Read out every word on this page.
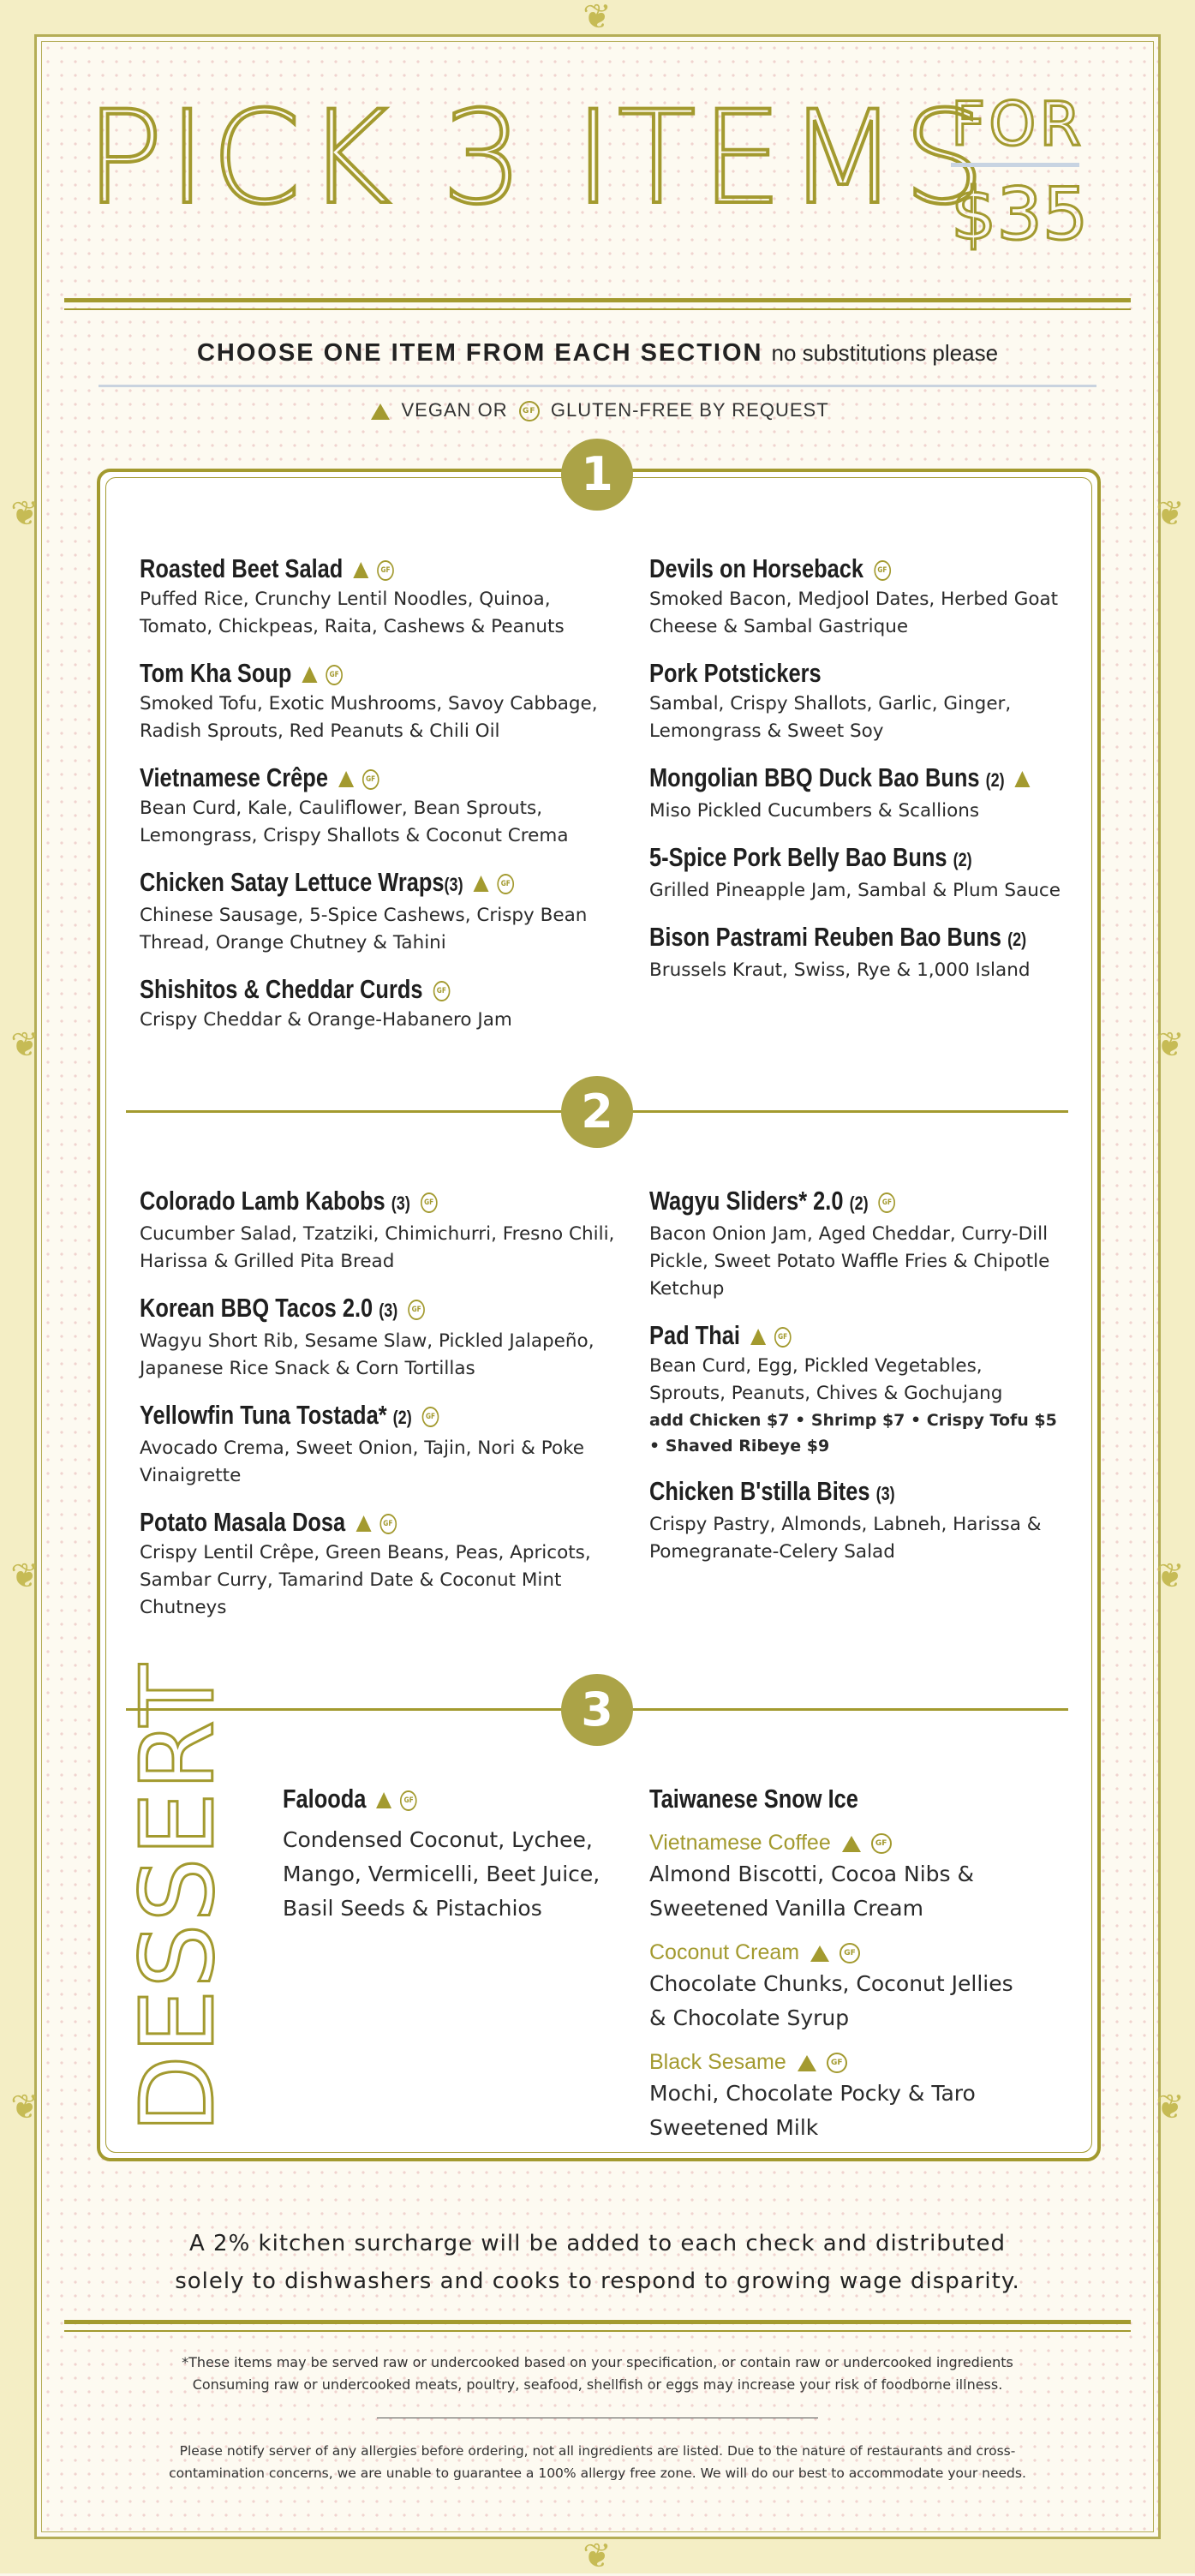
❦
❦
❦
❦
❦
❦
❦
❦
❦
❦
PICK 3 ITEMS
FOR
$35
CHOOSE ONE ITEM FROM EACH SECTION no substitutions please
VEGAN OR GF GLUTEN-FREE BY REQUEST
1
2
3
Roasted Beet Salad	GF
Puffed Rice, Crunchy Lentil Noodles, Quinoa, Tomato, Chickpeas, Raita, Cashews & Peanuts
Tom Kha Soup	GF
Smoked Tofu, Exotic Mushrooms, Savoy Cabbage, Radish Sprouts, Red Peanuts & Chili Oil
Vietnamese Crêpe	GF
Bean Curd, Kale, Cauliflower, Bean Sprouts, Lemongrass, Crispy Shallots & Coconut Crema
Chicken Satay Lettuce Wraps(3)	GF
Chinese Sausage, 5-Spice Cashews, Crispy Bean Thread, Orange Chutney & Tahini
Shishitos & Cheddar Curds GF
Crispy Cheddar & Orange-Habanero Jam
Devils on Horseback GF
Smoked Bacon, Medjool Dates, Herbed Goat Cheese & Sambal Gastrique
Pork Potstickers
Sambal, Crispy Shallots, Garlic, Ginger, Lemongrass & Sweet Soy
Mongolian BBQ Duck Bao Buns (2)
Miso Pickled Cucumbers & Scallions
5-Spice Pork Belly Bao Buns (2)
Grilled Pineapple Jam, Sambal & Plum Sauce
Bison Pastrami Reuben Bao Buns (2)
Brussels Kraut, Swiss, Rye & 1,000 Island
Colorado Lamb Kabobs (3) GF
Cucumber Salad, Tzatziki, Chimichurri, Fresno Chili, Harissa & Grilled Pita Bread
Korean BBQ Tacos 2.0 (3) GF
Wagyu Short Rib, Sesame Slaw, Pickled Jalapeño, Japanese Rice Snack & Corn Tortillas
Yellowfin Tuna Tostada* (2) GF
Avocado Crema, Sweet Onion, Tajin, Nori & Poke Vinaigrette
Potato Masala Dosa	GF
Crispy Lentil Crêpe, Green Beans, Peas, Apricots, Sambar Curry, Tamarind Date & Coconut Mint Chutneys
Wagyu Sliders* 2.0 (2) GF
Bacon Onion Jam, Aged Cheddar, Curry-Dill Pickle, Sweet Potato Waffle Fries & Chipotle Ketchup
Pad Thai	GF
Bean Curd, Egg, Pickled Vegetables, Sprouts, Peanuts, Chives & Gochujang
add Chicken $7 • Shrimp $7 • Crispy Tofu $5 • Shaved Ribeye $9
Chicken B'stilla Bites (3)
Crispy Pastry, Almonds, Labneh, Harissa & Pomegranate-Celery Salad
DESSERT Falooda	GF
Condensed Coconut, Lychee, Mango, Vermicelli, Beet Juice, Basil Seeds & Pistachios
Taiwanese Snow Ice
Vietnamese Coffee	GF
Almond Biscotti, Cocoa Nibs & Sweetened Vanilla Cream
Coconut Cream	GF
Chocolate Chunks, Coconut Jellies & Chocolate Syrup
Black Sesame	GF
Mochi, Chocolate Pocky & Taro Sweetened Milk
A 2% kitchen surcharge will be added to each check and distributed
solely to dishwashers and cooks to respond to growing wage disparity.
*These items may be served raw or undercooked based on your specification, or contain raw or undercooked ingredients
Consuming raw or undercooked meats, poultry, seafood, shellfish or eggs may increase your risk of foodborne illness.
Please notify server of any allergies before ordering, not all ingredients are listed. Due to the nature of restaurants and cross-
contamination concerns, we are unable to guarantee a 100% allergy free zone. We will do our best to accommodate your needs.
